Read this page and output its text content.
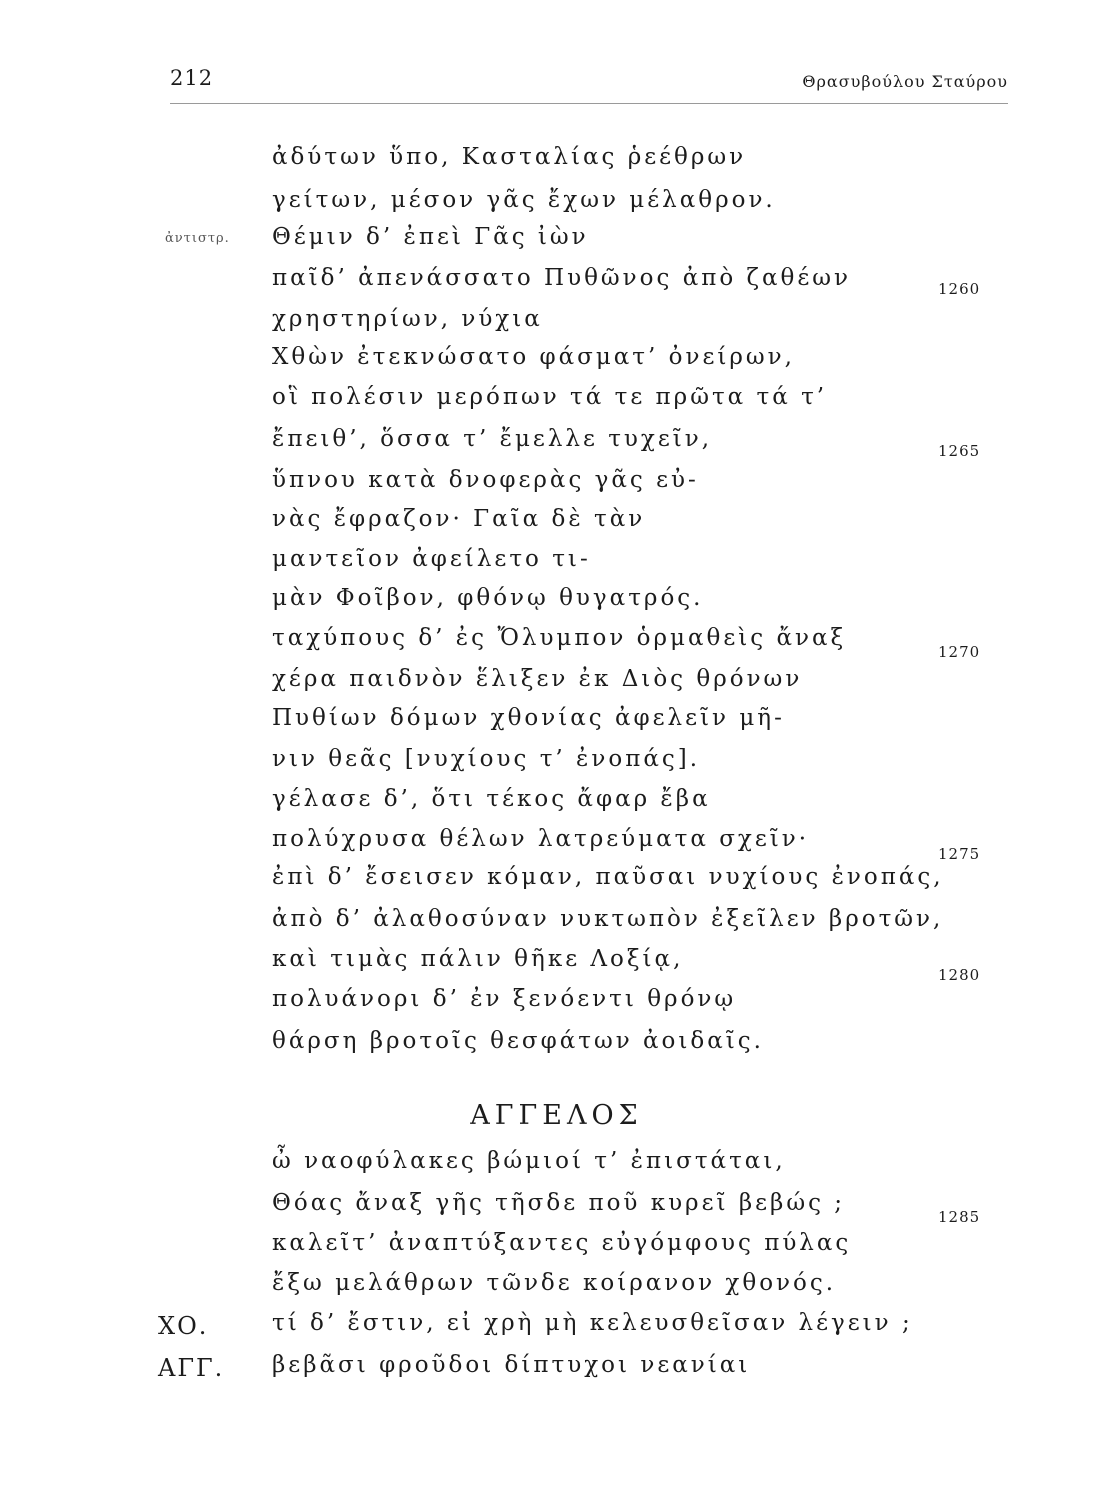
212	Θρασυβούλου Σταύρου
ἀντιστρ.
ἀδύτων ὕπο, Κασταλίας ῥεέθρων
γείτων, μέσον γᾶς ἔχων μέλαθρον.
Θέμιν δ’ ἐπεὶ Γᾶς ἰὼν
παῖδ’ ἀπενάσσατο Πυθῶνος ἀπὸ ζαθέων
χρηστηρίων, νύχια
Χθὼν ἐτεκνώσατο φάσματ’ ὀνείρων,
οἳ πολέσιν μερόπων τά τε πρῶτα τά τ’
ἔπειθ’, ὅσσα τ’ ἔμελλε τυχεῖν,
ὕπνου κατὰ δνοφερὰς γᾶς εὐ-
νὰς ἔφραζον· Γαῖα δὲ τὰν
μαντεῖον ἀφείλετο τι-
μὰν Φοῖβον, φθόνῳ θυγατρός.
ταχύπους δ’ ἐς Ὄλυμπον ὁρμαθεὶς ἄναξ
χέρα παιδνὸν ἕλιξεν ἐκ Διὸς θρόνων
Πυθίων δόμων χθονίας ἀφελεῖν μῆ-
νιν θεᾶς [νυχίους τ’ ἐνοπάς].
γέλασε δ’, ὅτι τέκος ἄφαρ ἔβα
πολύχρυσα θέλων λατρεύματα σχεῖν·
ἐπὶ δ’ ἔσεισεν κόμαν, παῦσαι νυχίους ἐνοπάς,
ἀπὸ δ’ ἀλαθοσύναν νυκτωπὸν ἐξεῖλεν βροτῶν,
καὶ τιμὰς πάλιν θῆκε Λοξίᾳ,
πολυάνορι δ’ ἐν ξενόεντι θρόνῳ
θάρση βροτοῖς θεσφάτων ἀοιδαῖς.
ΑΓΓΕΛΟΣ
ὦ ναοφύλακες βώμιοί τ’ ἐπιστάται,
Θόας ἄναξ γῆς τῆσδε ποῦ κυρεῖ βεβώς ;
καλεῖτ’ ἀναπτύξαντες εὐγόμφους πύλας
ἔξω μελάθρων τῶνδε κοίρανον χθονός.
τί δ’ ἔστιν, εἰ χρὴ μὴ κελευσθεῖσαν λέγειν ;
βεβᾶσι φροῦδοι δίπτυχοι νεανίαι
ΧΟ.
ΑΓΓ.
1260
1265
1270
1275
1280
1285
